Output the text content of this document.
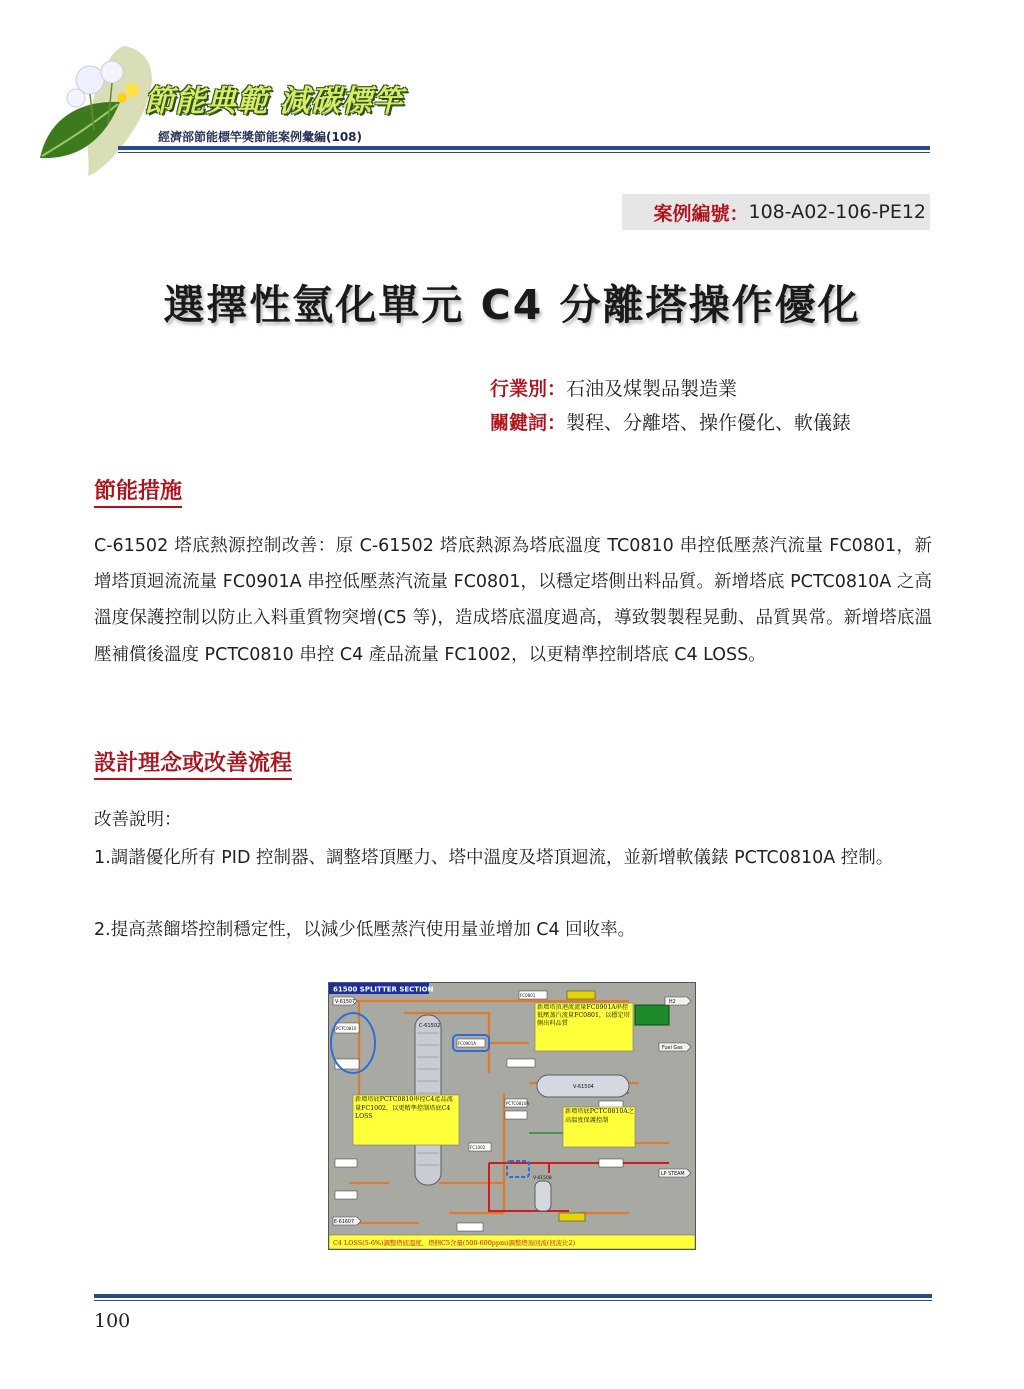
節能典範 減碳標竿
經濟部節能標竿獎節能案例彙編(108)
案例編號： 108-A02-106-PE12
選擇性氫化單元 C4 分離塔操作優化
行業別：石油及煤製品製造業
關鍵詞：製程、分離塔、操作優化、軟儀錶
節能措施
C-61502 塔底熱源控制改善：原 C-61502 塔底熱源為塔底溫度 TC0810 串控低壓蒸汽流量 FC0801，新增塔頂迴流流量 FC0901A 串控低壓蒸汽流量 FC0801，以穩定塔側出料品質。新增塔底 PCTC0810A 之高溫度保護控制以防止入料重質物突增(C5 等)，造成塔底溫度過高，導致製製程晃動、品質異常。新增塔底溫壓補償後溫度 PCTC0810 串控 C4 產品流量 FC1002，以更精準控制塔底 C4 LOSS。
設計理念或改善流程
改善說明：
1.調諧優化所有 PID 控制器、調整塔頂壓力、塔中溫度及塔頂迴流，並新增軟儀錶 PCTC0810A 控制。
2.提高蒸餾塔控制穩定性，以減少低壓蒸汽使用量並增加 C4 回收率。
61500 SPLITTER SECTION
C-61502
V-61504
V-61508
H2
Fuel Gas
LP STEAM
V-61507
E-61607
FC0801
PCTC0810
FC0901A
FC1002
PCTC0810A
新增塔頂迴流流量FC0901A串控低壓蒸汽流量FC0801，以穩定塔側出料品質
新增塔底PCTC0810串控C4產品流量FC1002，以更精準控制塔底C4 LOSS
新增塔底PCTC0810A之高溫度保護控制
C4 LOSS(5-6%)調整塔底溫度，塔側C5含量(500-600ppm)調整塔頂回流(回流比2)
100
